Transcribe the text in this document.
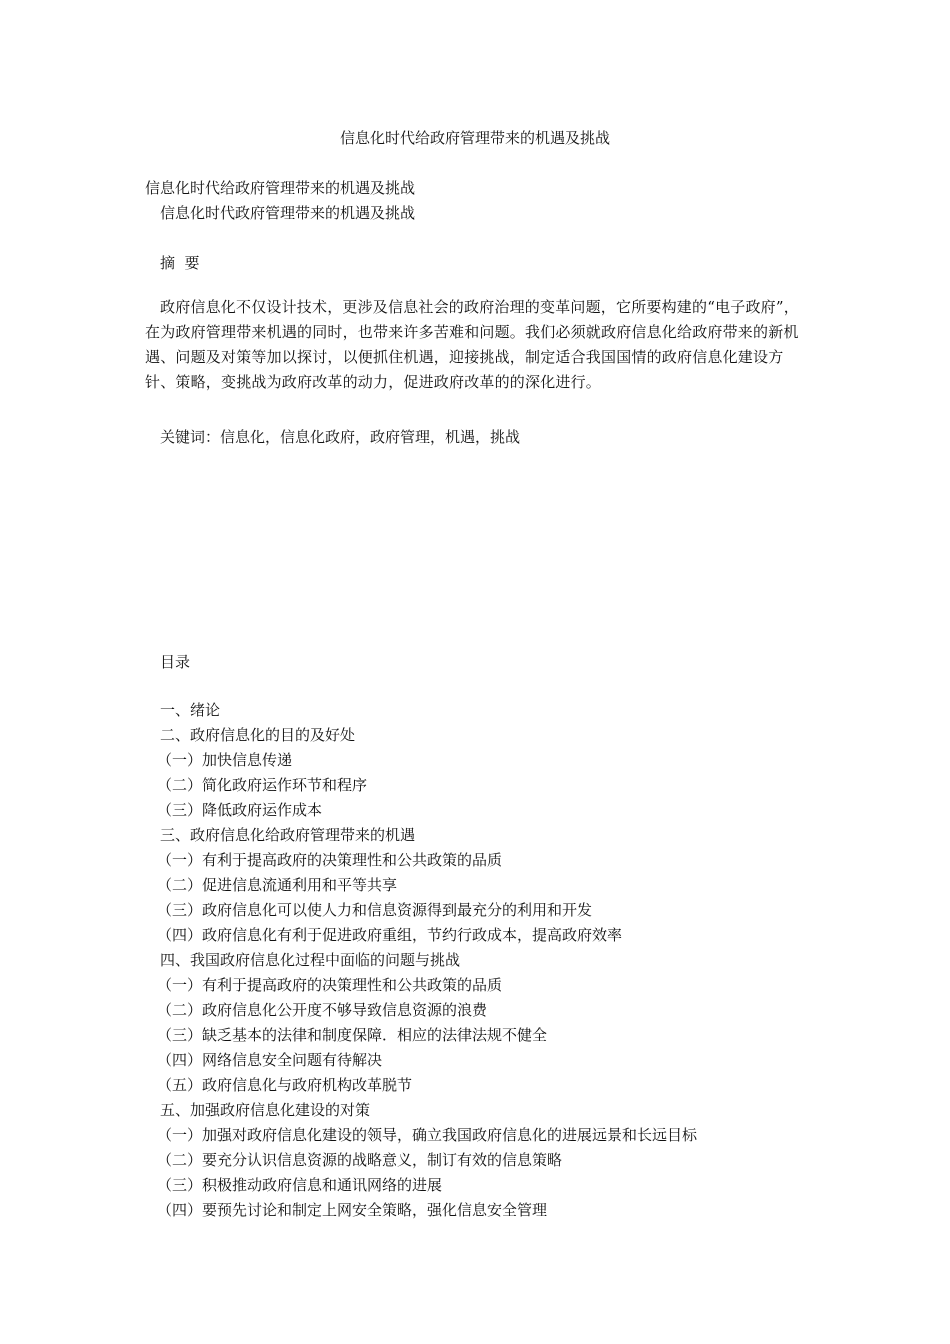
信息化时代给政府管理带来的机遇及挑战
信息化时代给政府管理带来的机遇及挑战
信息化时代政府管理带来的机遇及挑战
摘  要
政府信息化不仅设计技术，更涉及信息社会的政府治理的变革问题，它所要构建的“电子政府”，在为政府管理带来机遇的同时，也带来许多苦难和问题。我们必须就政府信息化给政府带来的新机遇、问题及对策等加以探讨，以便抓住机遇，迎接挑战，制定适合我国国情的政府信息化建设方针、策略，变挑战为政府改革的动力，促进政府改革的的深化进行。
关键词：信息化，信息化政府，政府管理，机遇，挑战
目录
一、绪论
二、政府信息化的目的及好处
（一）加快信息传递
（二）简化政府运作环节和程序
（三）降低政府运作成本
三、政府信息化给政府管理带来的机遇
（一）有利于提高政府的决策理性和公共政策的品质
（二）促进信息流通利用和平等共享
（三）政府信息化可以使人力和信息资源得到最充分的利用和开发
（四）政府信息化有利于促进政府重组，节约行政成本，提高政府效率
四、我国政府信息化过程中面临的问题与挑战
（一）有利于提高政府的决策理性和公共政策的品质
（二）政府信息化公开度不够导致信息资源的浪费
（三）缺乏基本的法律和制度保障．相应的法律法规不健全
（四）网络信息安全问题有待解决
（五）政府信息化与政府机构改革脱节
五、加强政府信息化建设的对策
（一）加强对政府信息化建设的领导，确立我国政府信息化的进展远景和长远目标
（二）要充分认识信息资源的战略意义，制订有效的信息策略
（三）积极推动政府信息和通讯网络的进展
（四）要预先讨论和制定上网安全策略，强化信息安全管理
